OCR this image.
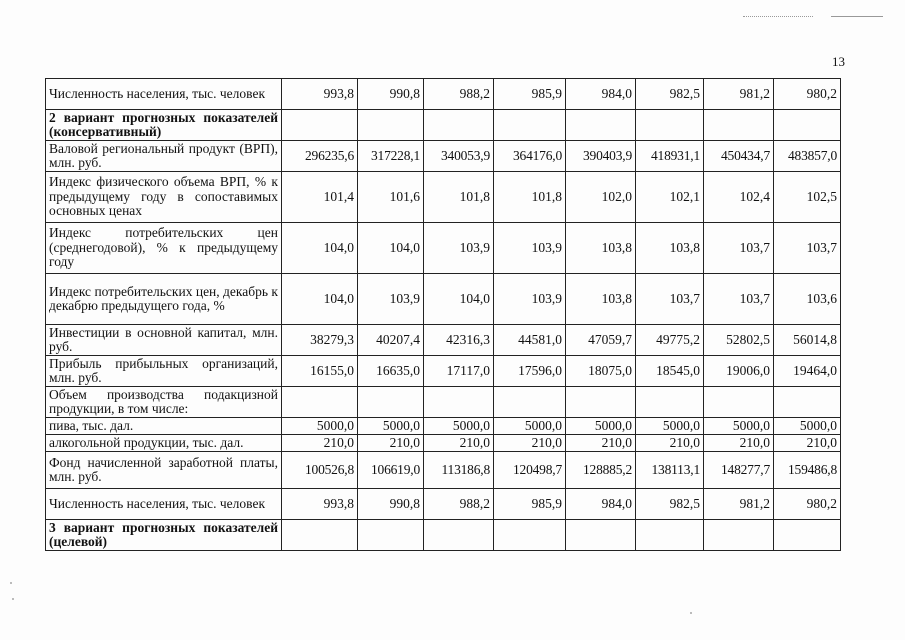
13
Численность населения, тыс. человек	993,8	990,8	988,2	985,9	984,0	982,5	981,2	980,2
2 вариант прогнозных показателей (консервативный)								
Валовой региональный продукт (ВРП), млн. руб.	296235,6	317228,1	340053,9	364176,0	390403,9	418931,1	450434,7	483857,0
Индекс физического объема ВРП, % к предыдущему году в сопоставимых основных ценах	101,4	101,6	101,8	101,8	102,0	102,1	102,4	102,5
Индекс потребительских цен (среднегодовой), % к предыдущему году	104,0	104,0	103,9	103,9	103,8	103,8	103,7	103,7
Индекс потребительских цен, декабрь к декабрю предыдущего года, %	104,0	103,9	104,0	103,9	103,8	103,7	103,7	103,6
Инвестиции в основной капитал, млн. руб.	38279,3	40207,4	42316,3	44581,0	47059,7	49775,2	52802,5	56014,8
Прибыль прибыльных организаций, млн. руб.	16155,0	16635,0	17117,0	17596,0	18075,0	18545,0	19006,0	19464,0
Объем производства подакцизной продукции, в том числе:								
пива, тыс. дал.	5000,0	5000,0	5000,0	5000,0	5000,0	5000,0	5000,0	5000,0
алкогольной продукции, тыс. дал.	210,0	210,0	210,0	210,0	210,0	210,0	210,0	210,0
Фонд начисленной заработной платы, млн. руб.	100526,8	106619,0	113186,8	120498,7	128885,2	138113,1	148277,7	159486,8
Численность населения, тыс. человек	993,8	990,8	988,2	985,9	984,0	982,5	981,2	980,2
3 вариант прогнозных показателей (целевой)								
